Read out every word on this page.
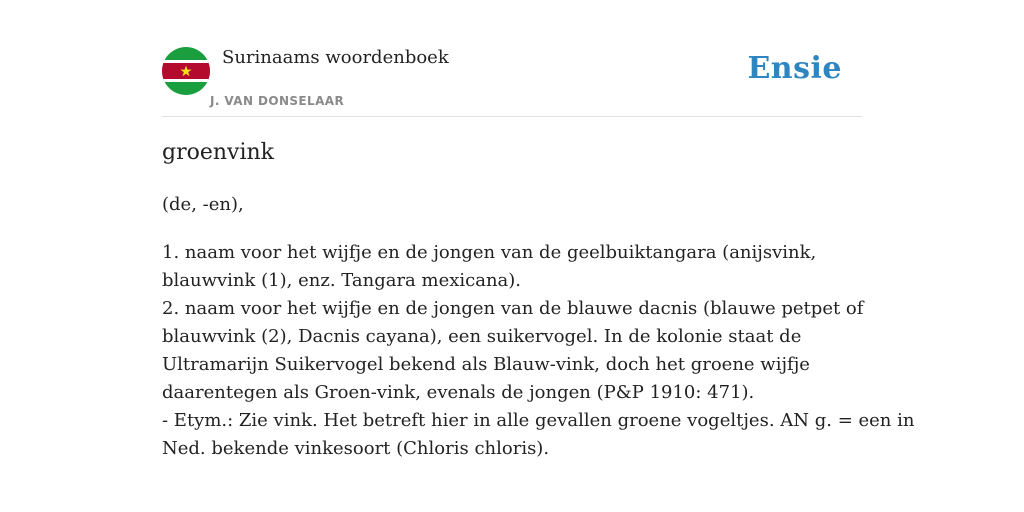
Surinaams woordenboek
J. VAN DONSELAAR
Ensie
groenvink
(de, -en),
1. naam voor het wijfje en de jongen van de geelbuiktangara (anijsvink,
blauwvink (1), enz. Tangara mexicana).
2. naam voor het wijfje en de jongen van de blauwe dacnis (blauwe petpet of
blauwvink (2), Dacnis cayana), een suikervogel. In de kolonie staat de
Ultramarijn Suikervogel bekend als Blauw-vink, doch het groene wijfje
daarentegen als Groen-vink, evenals de jongen (P&P 1910: 471).
- Etym.: Zie vink. Het betreft hier in alle gevallen groene vogeltjes. AN g. = een in
Ned. bekende vinkesoort (Chloris chloris).
